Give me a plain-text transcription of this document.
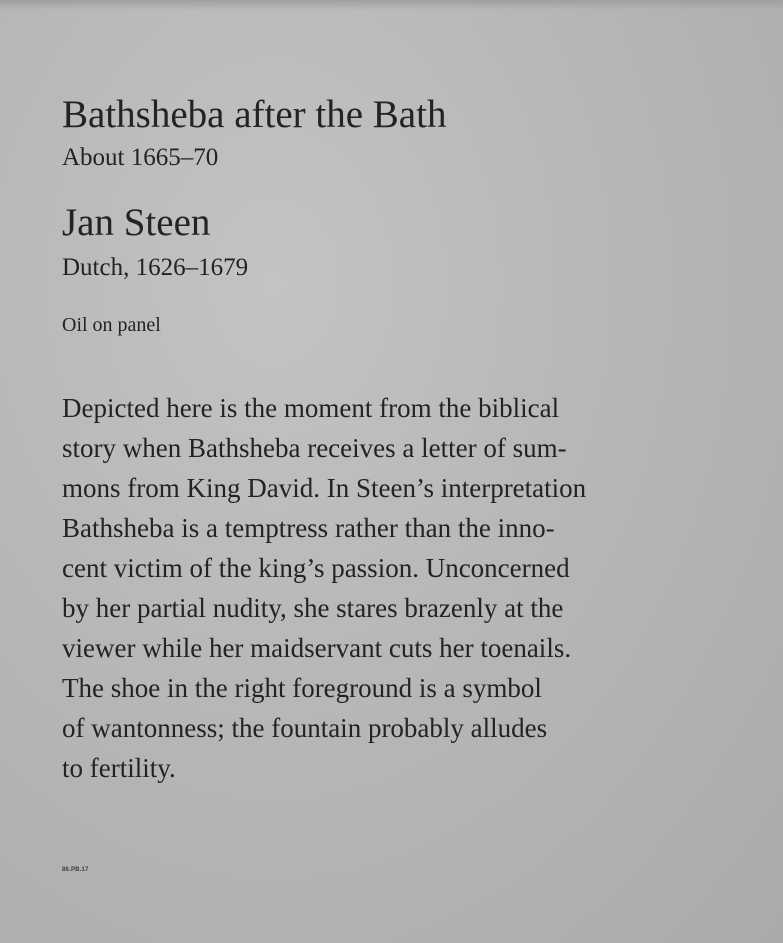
Bathsheba after the Bath
About 1665–70
Jan Steen
Dutch, 1626–1679
Oil on panel
Depicted here is the moment from the biblical
story when Bathsheba receives a letter of sum-
mons from King David. In Steen’s interpretation
Bathsheba is a temptress rather than the inno-
cent victim of the king’s passion. Unconcerned
by her partial nudity, she stares brazenly at the
viewer while her maidservant cuts her toenails.
The shoe in the right foreground is a symbol
of wantonness; the fountain probably alludes
to fertility.
86.PB.17
